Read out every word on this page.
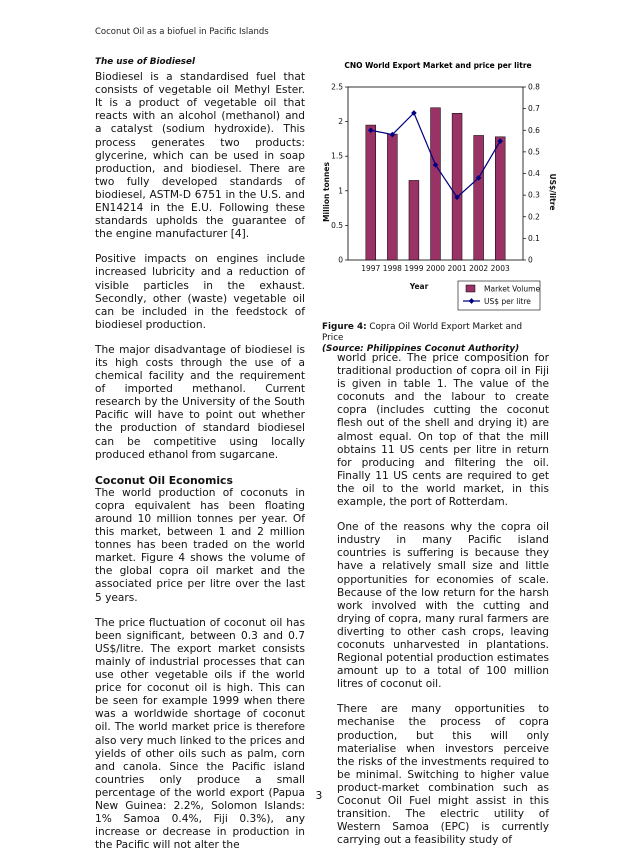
Coconut Oil as a biofuel in Pacific Islands
The use of Biodiesel

Biodiesel is a standardised fuel that consists of vegetable oil Methyl Ester. It is a product of vegetable oil that reacts with an alcohol (methanol) and a catalyst (sodium hydroxide). This process generates two products: glycerine, which can be used in soap production, and biodiesel. There are two fully developed standards of biodiesel, ASTM-D 6751 in the U.S. and EN14214 in the E.U. Following these standards upholds the guarantee of the engine manufacturer [4].

Positive impacts on engines include increased lubricity and a reduction of visible particles in the exhaust. Secondly, other (waste) vegetable oil can be included in the feedstock of biodiesel production.

The major disadvantage of biodiesel is its high costs through the use of a chemical facility and the requirement of imported methanol. Current research by the University of the South Pacific will have to point out whether the production of standard biodiesel can be competitive using locally produced ethanol from sugarcane.

Coconut Oil Economics

The world production of coconuts in copra equivalent has been floating around 10 million tonnes per year. Of this market, between 1 and 2 million tonnes has been traded on the world market. Figure 4 shows the volume of the global copra oil market and the associated price per litre over the last 5 years.

The price fluctuation of coconut oil has been significant, between 0.3 and 0.7 US$/litre. The export market consists mainly of industrial processes that can use other vegetable oils if the world price for coconut oil is high. This can be seen for example 1999 when there was a worldwide shortage of coconut oil. The world market price is therefore also very much linked to the prices and yields of other oils such as palm, corn and canola. Since the Pacific island countries only produce a small percentage of the world export (Papua New Guinea: 2.2%, Solomon Islands: 1% Samoa 0.4%, Fiji 0.3%), any increase or decrease in production in the Pacific will not alter the

CNO World Export Market and price per litre
0
0.5
1
1.5
2
2.5
0
0.1
0.2
0.3
0.4
0.5
0.6
0.7
0.8
1997 1998 1999 2000 2001 2002 2003
Million tonnes	US$/litre
Year	Market Volume
US$ per litre
Figure 4: Copra Oil World Export Market and Price
(Source: Philippines Coconut Authority)

world price. The price composition for traditional production of copra oil in Fiji is given in table 1. The value of the coconuts and the labour to create copra (includes cutting the coconut flesh out of the shell and drying it) are almost equal. On top of that the mill obtains 11 US cents per litre in return for producing and filtering the oil. Finally 11 US cents are required to get the oil to the world market, in this example, the port of Rotterdam.

One of the reasons why the copra oil industry in many Pacific island countries is suffering is because they have a relatively small size and little opportunities for economies of scale. Because of the low return for the harsh work involved with the cutting and drying of copra, many rural farmers are diverting to other cash crops, leaving coconuts unharvested in plantations. Regional potential production estimates amount up to a total of 100 million litres of coconut oil.

There are many opportunities to mechanise the process of copra production, but this will only materialise when investors perceive the risks of the investments required to be minimal. Switching to higher value product-market combination such as Coconut Oil Fuel might assist in this transition. The electric utility of Western Samoa (EPC) is currently carrying out a feasibility study of

3
